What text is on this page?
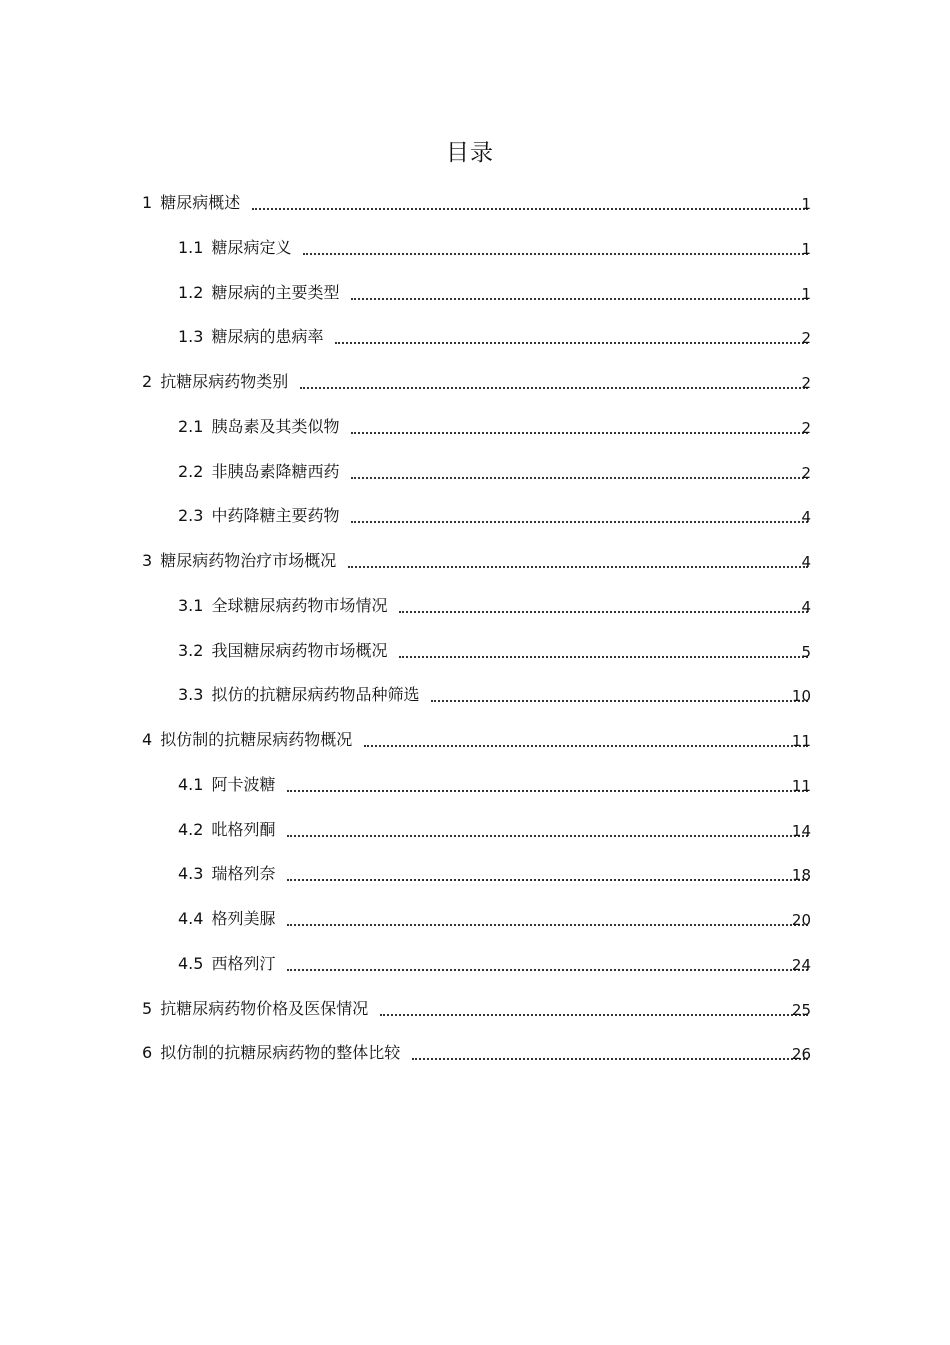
目录
1 糖尿病概述	1
1.1 糖尿病定义	1
1.2 糖尿病的主要类型	1
1.3 糖尿病的患病率	2
2 抗糖尿病药物类别	2
2.1 胰岛素及其类似物	2
2.2 非胰岛素降糖西药	2
2.3 中药降糖主要药物	4
3 糖尿病药物治疗市场概况	4
3.1 全球糖尿病药物市场情况	4
3.2 我国糖尿病药物市场概况	5
3.3 拟仿的抗糖尿病药物品种筛选	10
4 拟仿制的抗糖尿病药物概况	11
4.1 阿卡波糖	11
4.2 吡格列酮	14
4.3 瑞格列奈	18
4.4 格列美脲	20
4.5 西格列汀	24
5 抗糖尿病药物价格及医保情况	25
6 拟仿制的抗糖尿病药物的整体比较	26
